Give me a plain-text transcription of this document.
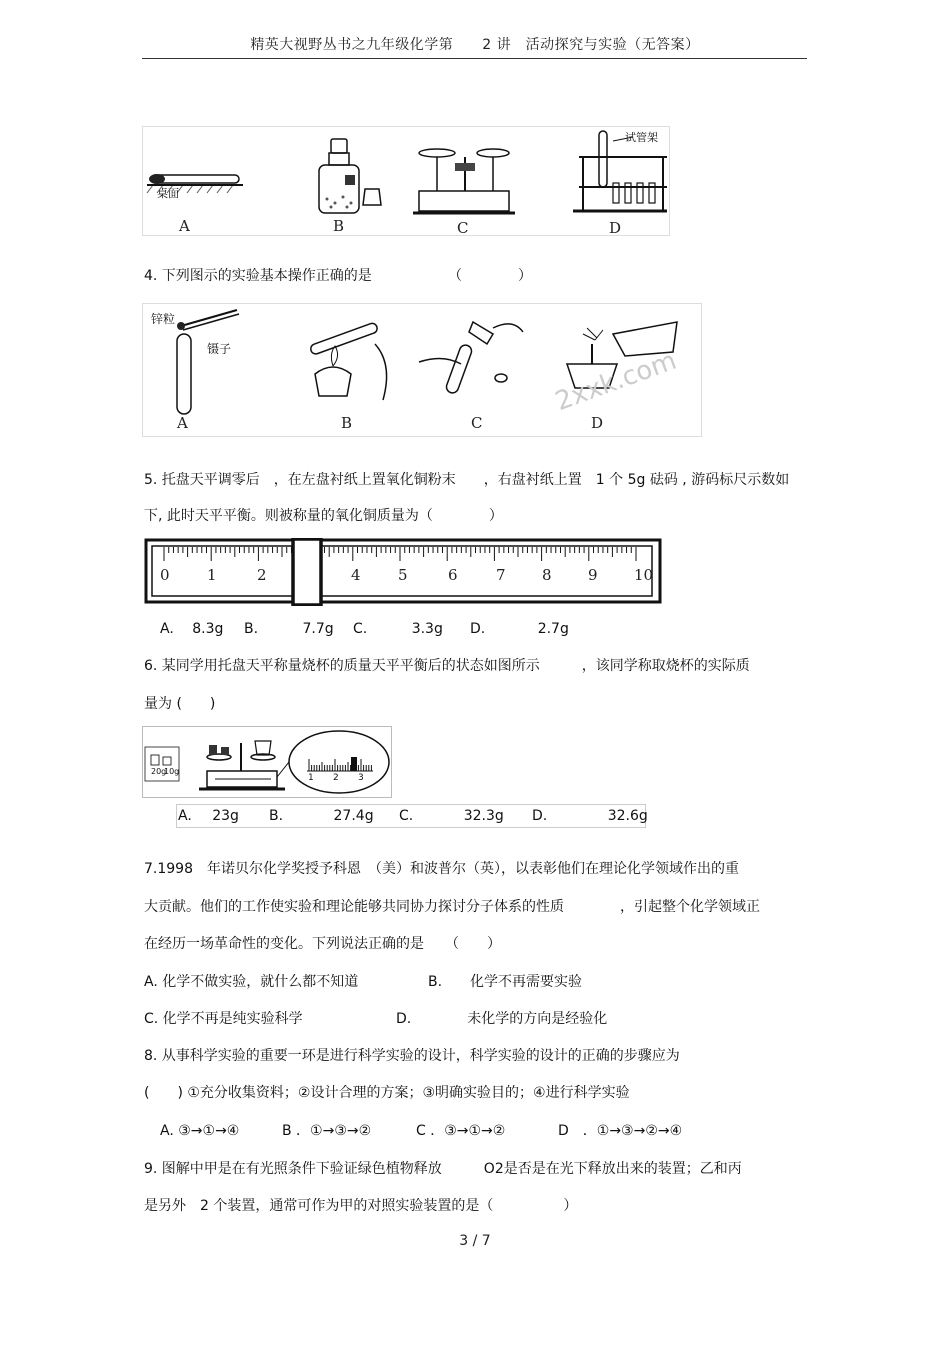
精英大视野丛书之九年级化学第　　2 讲　活动探究与实验（无答案）
桌面
试管架
A	B	C	D
4. 下列图示的实验基本操作正确的是	（　　　　）
2xxk.com
锌粒
镊子
A	B	C	D
5. 托盘天平调零后　，在左盘衬纸上置氧化铜粉末　　，右盘衬纸上置　1 个 5g 砝码 , 游码标尺示数如
下, 此时天平平衡。则被称量的氧化铜质量为（　　　　）
0 1	2	4 5	6	7 8 9 10
A. 8.3g B.	7.7g C.	3.3g D.	2.7g
6. 某同学用托盘天平称量烧杯的质量天平平衡后的状态如图所示　　　，该同学称取烧杯的实际质
量为 (　　)
20g
10g
1 2 3
A. 23g B.	27.4g C.	32.3g D.	32.6g
7.1998　年诺贝尔化学奖授予科恩　（美）和波普尔（英），以表彰他们在理论化学领域作出的重
大贡献。他们的工作使实验和理论能够共同协力探讨分子体系的性质　　　　，引起整个化学领域正
在经历一场革命性的变化。下列说法正确的是　　（　　）
A. 化学不做实验，就什么都不知道	B.　　化学不再需要实验
C. 化学不再是纯实验科学	D.　　　　未化学的方向是经验化
8. 从事科学实验的重要一环是进行科学实验的设计，科学实验的设计的正确的步骤应为
(　　) ①充分收集资料；②设计合理的方案；③明确实验目的；④进行科学实验
A. ③→①→④	B ．①→③→②	C ．③→①→②	D　．①→③→②→④
9. 图解中甲是在有光照条件下验证绿色植物释放　　　O2是否是在光下释放出来的装置；乙和丙
是另外　2 个装置，通常可作为甲的对照实验装置的是（　　　　　）
3 / 7
